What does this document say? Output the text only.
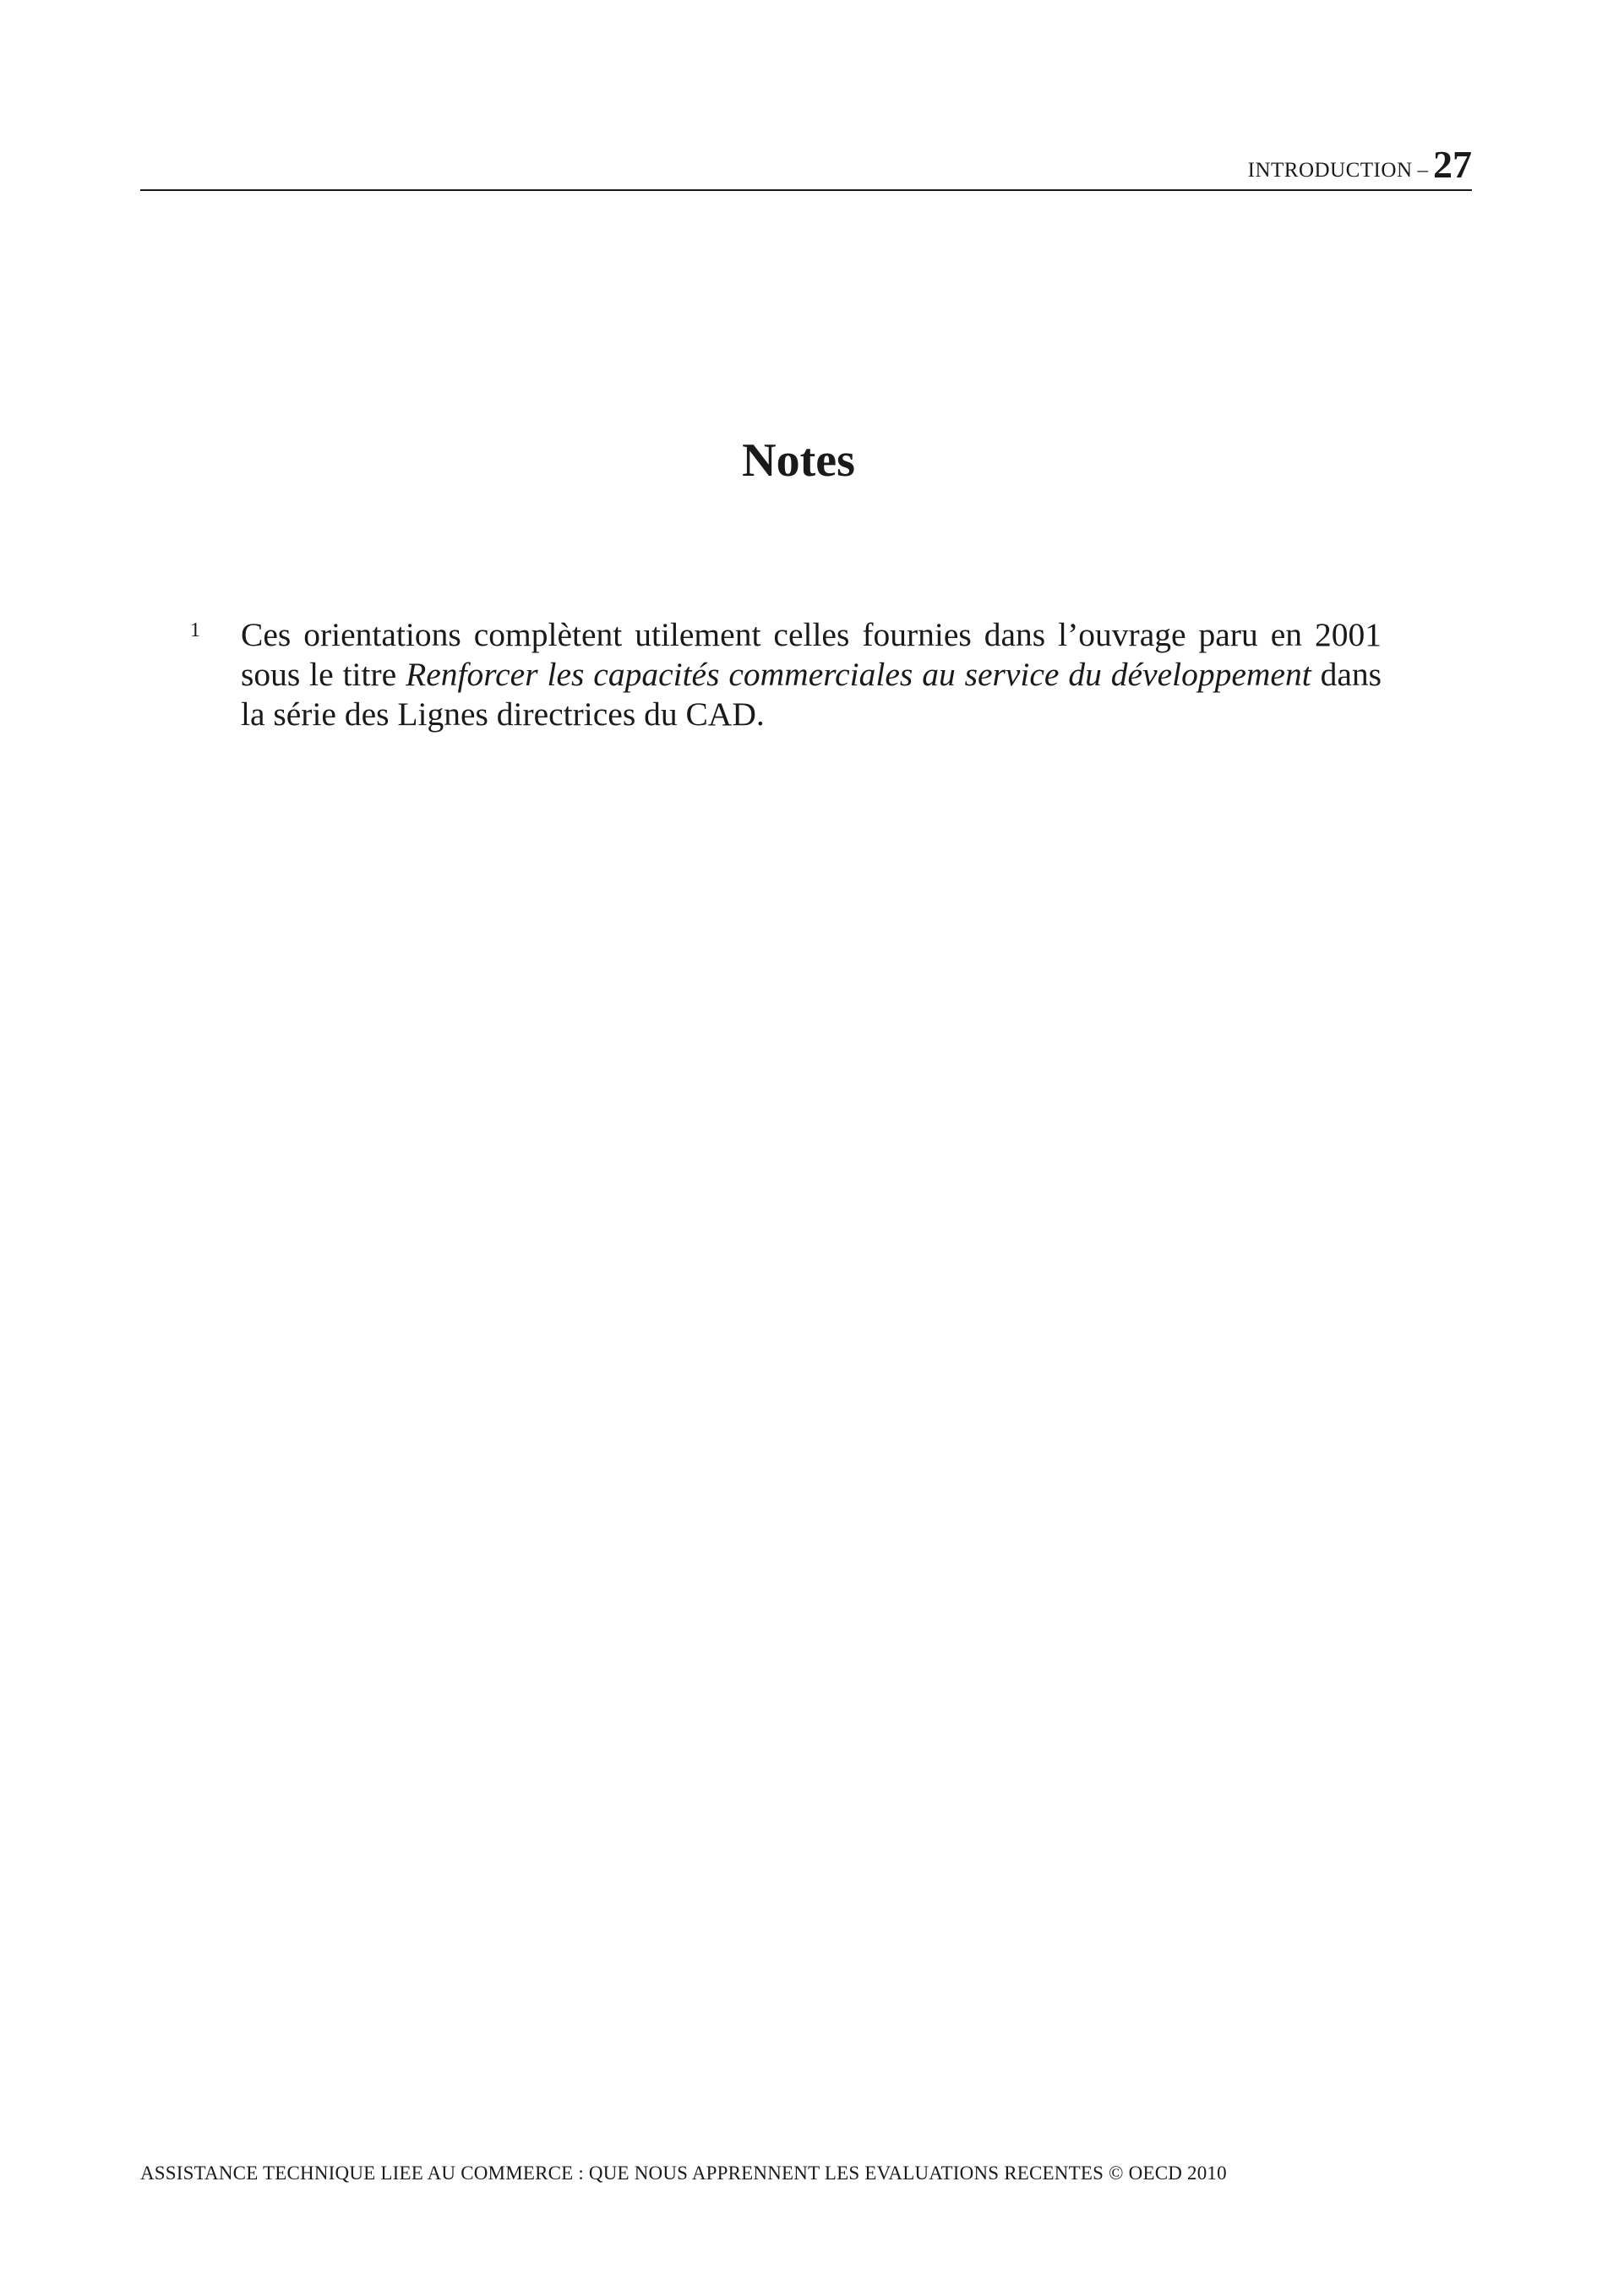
INTRODUCTION – 27
Notes
1	Ces orientations complètent utilement celles fournies dans l’ouvrage paru en 2001 sous le titre Renforcer les capacités commerciales au service du développement dans la série des Lignes directrices du CAD.

ASSISTANCE TECHNIQUE LIEE AU COMMERCE : QUE NOUS APPRENNENT LES EVALUATIONS RECENTES © OECD 2010
